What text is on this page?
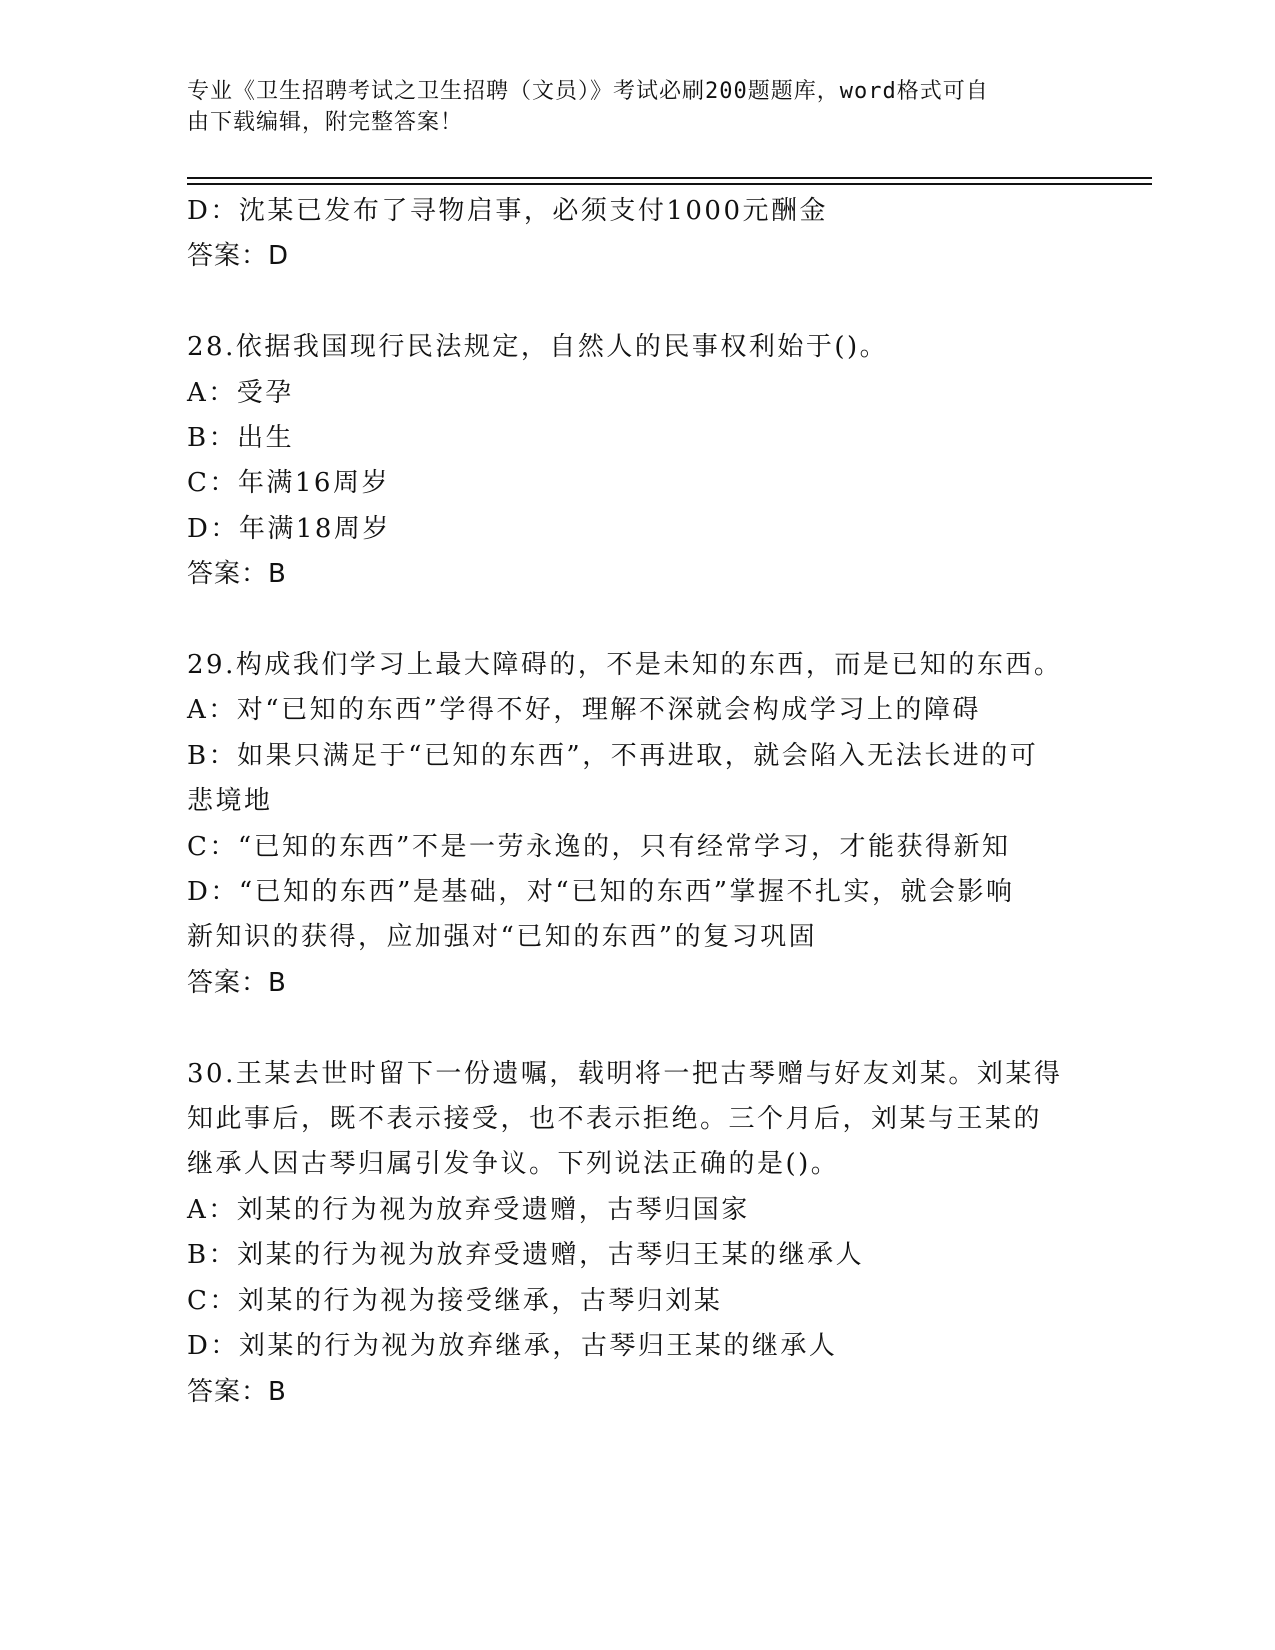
专业《卫生招聘考试之卫生招聘（文员）》考试必刷200题题库，word格式可自
由下载编辑，附完整答案！

D：沈某已发布了寻物启事，必须支付1000元酬金

答案：D

28.依据我国现行民法规定，自然人的民事权利始于()。

A：受孕

B：出生

C：年满16周岁

D：年满18周岁

答案：B

29.构成我们学习上最大障碍的，不是未知的东西，而是已知的东西。

A：对“已知的东西”学得不好，理解不深就会构成学习上的障碍

B：如果只满足于“已知的东西”，不再进取，就会陷入无法长进的可

悲境地

C：“已知的东西”不是一劳永逸的，只有经常学习，才能获得新知

D：“已知的东西”是基础，对“已知的东西”掌握不扎实，就会影响

新知识的获得，应加强对“已知的东西”的复习巩固

答案：B

30.王某去世时留下一份遗嘱，载明将一把古琴赠与好友刘某。刘某得

知此事后，既不表示接受，也不表示拒绝。三个月后，刘某与王某的

继承人因古琴归属引发争议。下列说法正确的是()。

A：刘某的行为视为放弃受遗赠，古琴归国家

B：刘某的行为视为放弃受遗赠，古琴归王某的继承人

C：刘某的行为视为接受继承，古琴归刘某

D：刘某的行为视为放弃继承，古琴归王某的继承人

答案：B
